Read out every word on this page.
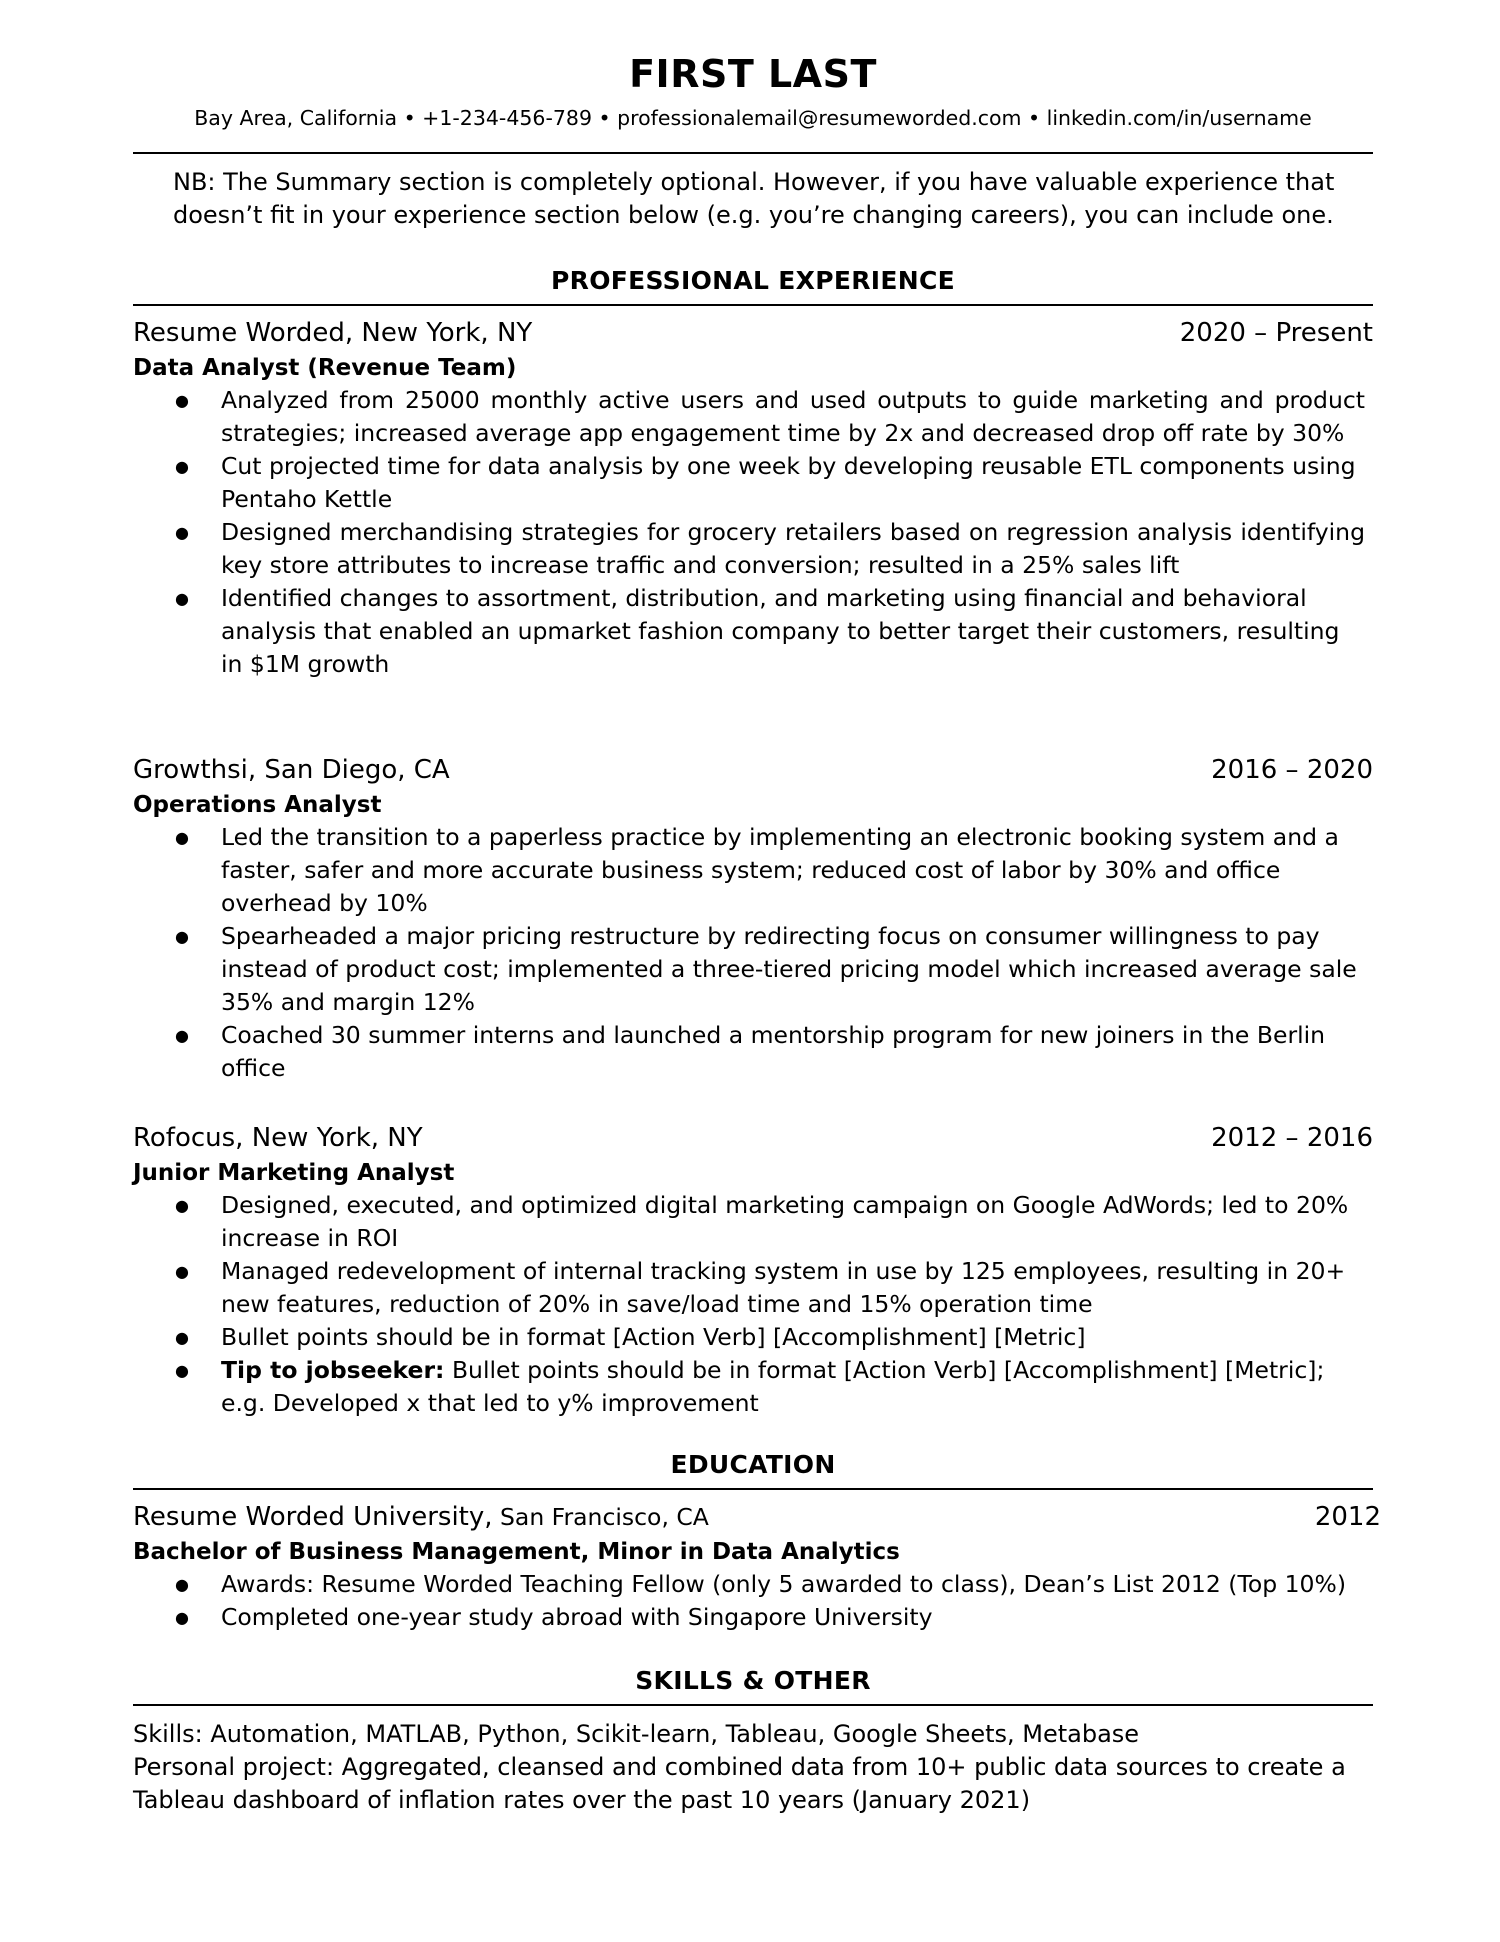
FIRST LAST
Bay Area, California • +1-234-456-789 • professionalemail@resumeworded.com • linkedin.com/in/username
NB: The Summary section is completely optional. However, if you have valuable experience that doesn’t fit in your experience section below (e.g. you’re changing careers), you can include one.
PROFESSIONAL EXPERIENCE
Resume Worded, New York, NY	2020 – Present
Data Analyst (Revenue Team)
● Analyzed from 25000 monthly active users and used outputs to guide marketing and product strategies; increased average app engagement time by 2x and decreased drop off rate by 30%
● Cut projected time for data analysis by one week by developing reusable ETL components using Pentaho Kettle
● Designed merchandising strategies for grocery retailers based on regression analysis identifying key store attributes to increase traffic and conversion; resulted in a 25% sales lift
● Identified changes to assortment, distribution, and marketing using financial and behavioral analysis that enabled an upmarket fashion company to better target their customers, resulting in $1M growth
Growthsi, San Diego, CA	2016 – 2020
Operations Analyst
● Led the transition to a paperless practice by implementing an electronic booking system and a faster, safer and more accurate business system; reduced cost of labor by 30% and office overhead by 10%
● Spearheaded a major pricing restructure by redirecting focus on consumer willingness to pay instead of product cost; implemented a three-tiered pricing model which increased average sale 35% and margin 12%
● Coached 30 summer interns and launched a mentorship program for new joiners in the Berlin office
Rofocus, New York, NY	2012 – 2016
Junior Marketing Analyst
● Designed, executed, and optimized digital marketing campaign on Google AdWords; led to 20% increase in ROI
● Managed redevelopment of internal tracking system in use by 125 employees, resulting in 20+ new features, reduction of 20% in save/load time and 15% operation time
● Bullet points should be in format [Action Verb] [Accomplishment] [Metric]
● Tip to jobseeker: Bullet points should be in format [Action Verb] [Accomplishment] [Metric]; e.g. Developed x that led to y% improvement
EDUCATION
Resume Worded University, San Francisco, CA	2012
Bachelor of Business Management, Minor in Data Analytics
● Awards: Resume Worded Teaching Fellow (only 5 awarded to class), Dean’s List 2012 (Top 10%)
● Completed one-year study abroad with Singapore University
SKILLS & OTHER
Skills: Automation, MATLAB, Python, Scikit-learn, Tableau, Google Sheets, Metabase
Personal project: Aggregated, cleansed and combined data from 10+ public data sources to create a Tableau dashboard of inflation rates over the past 10 years (January 2021)
